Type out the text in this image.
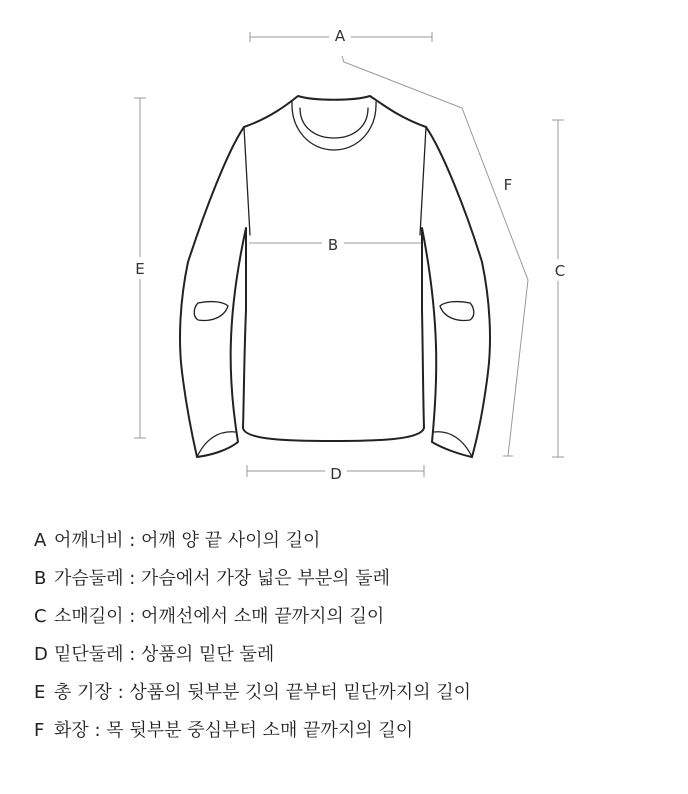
A
B
C
D
E
F
A 어깨너비 : 어깨 양 끝 사이의 길이
B 가슴둘레 : 가슴에서 가장 넓은 부분의 둘레
C 소매길이 : 어깨선에서 소매 끝까지의 길이
D 밑단둘레 : 상품의 밑단 둘레
E 총 기장 : 상품의 뒷부분 깃의 끝부터 밑단까지의 길이
F 화장 : 목 뒷부분 중심부터 소매 끝까지의 길이
